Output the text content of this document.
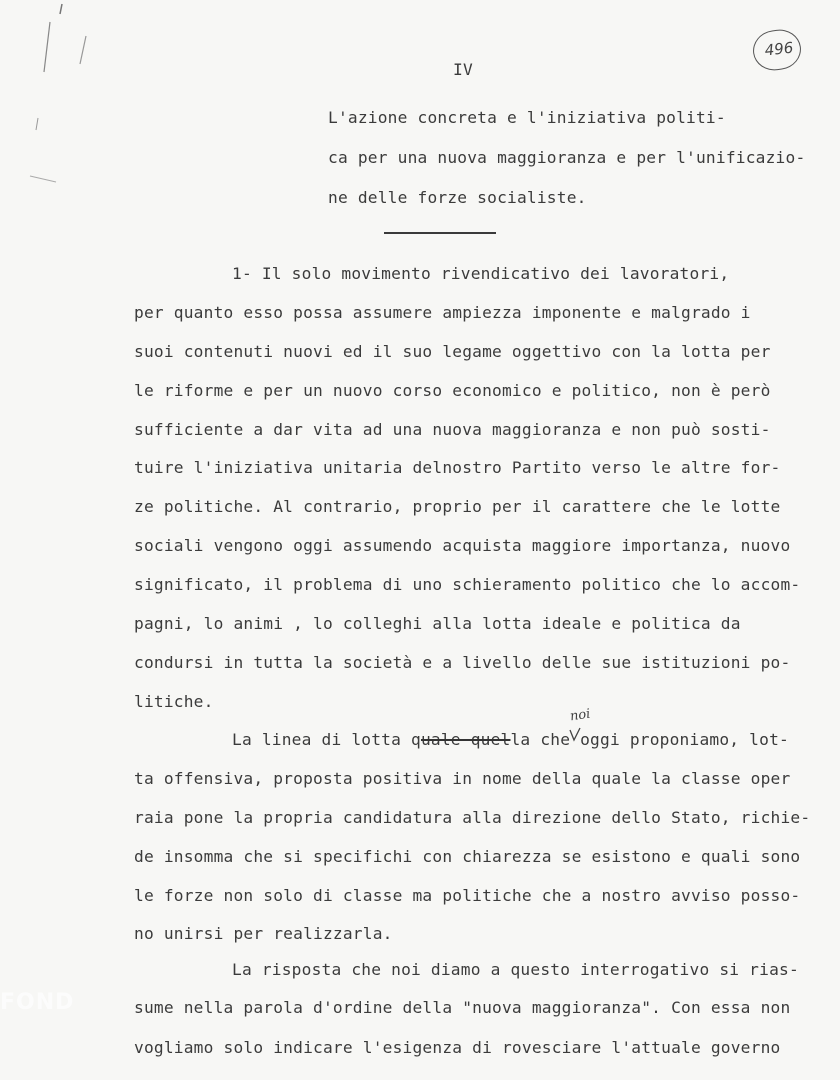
496

IV

L'azione concreta e l'iniziativa politi-

ca per una nuova maggioranza e per l'unificazio-

ne delle forze socialiste.

1- Il solo movimento rivendicativo dei lavoratori,

per quanto esso possa assumere ampiezza imponente e malgrado i

suoi contenuti nuovi ed il suo legame oggettivo con la lotta per

le riforme e per un nuovo corso economico e politico, non è però

sufficiente a dar vita ad una nuova maggioranza e non può sosti-

tuire l'iniziativa unitaria delnostro Partito verso le altre for-

ze politiche. Al contrario, proprio per il carattere che le lotte

sociali vengono oggi assumendo acquista maggiore importanza, nuovo

significato, il problema di uno schieramento politico che lo accom-

pagni, lo animi , lo colleghi alla lotta ideale e politica da

condursi in tutta la società e a livello delle sue istituzioni po-

litiche.

noi

La linea di lotta quale quella che oggi proponiamo, lot-

ta offensiva, proposta positiva in nome della quale la classe oper

raia pone la propria candidatura alla direzione dello Stato, richie-

de insomma che si specifichi con chiarezza se esistono e quali sono

le forze non solo di classe ma politiche che a nostro avviso posso-

no unirsi per realizzarla.

La risposta che noi diamo a questo interrogativo si rias-

sume nella parola d'ordine della "nuova maggioranza". Con essa non

vogliamo solo indicare l'esigenza di rovesciare l'attuale governo

FOND
